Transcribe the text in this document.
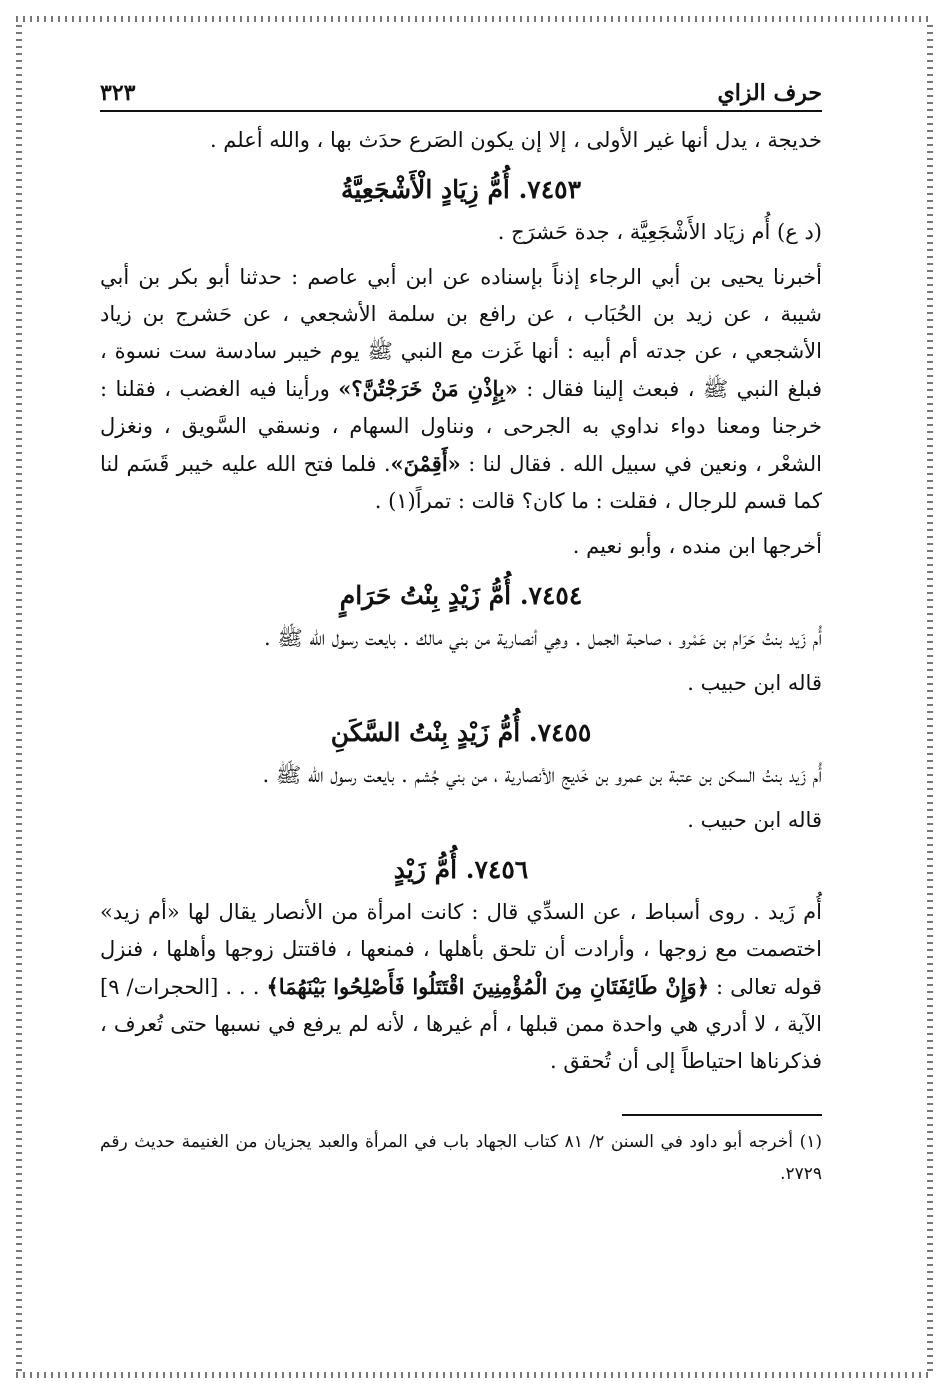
حرف الزاي
٣٢٣

خديجة ، يدل أنها غير الأولى ، إلا إن يكون الصَرع حدَث بها ، والله أعلم .

٧٤٥٣. أُمُّ زِيَادٍ الْأَشْجَعِيَّةُ

(د ع) أُم زيَاد الأَشْجَعِيَّة ، جدة حَشرَج .

أخبرنا يحيى بن أبي الرجاء إذناً بإسناده عن ابن أبي عاصم : حدثنا أبو بكر بن أبي شيبة ، عن زيد بن الحُبَاب ، عن رافع بن سلمة الأشجعي ، عن حَشرج بن زياد الأشجعي ، عن جدته أم أبيه : أنها غَزت مع النبي ﷺ يوم خيبر سادسة ست نسوة ، فبلغ النبي ﷺ ، فبعث إلينا فقال : «بِإِذْنِ مَنْ خَرَجْتُنَّ؟» ورأينا فيه الغضب ، فقلنا : خرجنا ومعنا دواء نداوي به الجرحى ، ونناول السهام ، ونسقي السَّويق ، ونغزل الشعْر ، ونعين في سبيل الله . فقال لنا : «أَقِمْنَ». فلما فتح الله عليه خيبر قَسَم لنا كما قسم للرجال ، فقلت : ما كان؟ قالت : تمراً(١) .

أخرجها ابن منده ، وأبو نعيم .

٧٤٥٤. أُمُّ زَيْدٍ بِنْتُ حَرَامٍ

أُم زَيد بنتُ حَرَام بن عَمْرو ، صاحبة الجمل . وهِي أنصارية من بني مالك . بايعت رسول الله ﷺ .

قاله ابن حبيب .

٧٤٥٥. أُمُّ زَيْدٍ بِنْتُ السَّكَنِ

أُم زَيد بنتُ السكن بن عتبة بن عمرو بن خَديج الأنصارية ، من بني جُشم . بايعت رسول الله ﷺ .

قاله ابن حبيب .

٧٤٥٦. أُمُّ زَيْدٍ

أُم زَيد . روى أسباط ، عن السدِّي قال : كانت امرأة من الأنصار يقال لها «أم زيد» اختصمت مع زوجها ، وأرادت أن تلحق بأهلها ، فمنعها ، فاقتتل زوجها وأهلها ، فنزل قوله تعالى : ﴿وَإِنْ طَائِفَتَانِ مِنَ الْمُؤْمِنِينَ اقْتَتَلُوا فَأَصْلِحُوا بَيْنَهُمَا﴾ . . . [الحجرات/ ٩] الآية ، لا أدري هي واحدة ممن قبلها ، أم غيرها ، لأنه لم يرفع في نسبها حتى تُعرف ، فذكرناها احتياطاً إلى أن تُحقق .

(١) أخرجه أبو داود في السنن ٢/ ٨١ كتاب الجهاد باب في المرأة والعبد يجزيان من الغنيمة حديث رقم ٢٧٢٩.
